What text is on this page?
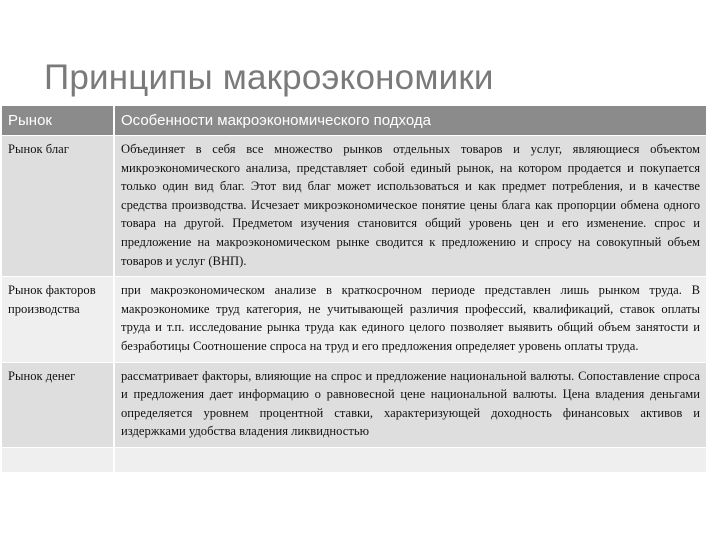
Принципы макроэкономики
Рынок	Особенности макроэкономического подхода
Рынок благ	Объединяет в себя все множество рынков отдельных товаров и услуг, являющиеся объектом микроэкономического анализа, представляет собой единый рынок, на котором продается и покупается только один вид благ. Этот вид благ может использоваться и как предмет потребления, и в качестве средства производства. Исчезает микроэкономическое понятие цены блага как пропорции обмена одного товара на другой. Предметом изучения становится общий уровень цен и его изменение. спрос и предложение на макроэкономическом рынке сводится к предложению и спросу на совокупный объем товаров и услуг (ВНП).
Рынок факторов производства	при макроэкономическом анализе в краткосрочном периоде представлен лишь рынком труда. В макроэкономике труд категория, не учитывающей различия профессий, квалификаций, ставок оплаты труда и т.п. исследование рынка труда как единого целого позволяет выявить общий объем занятости и безработицы Соотношение спроса на труд и его предложения определяет уровень оплаты труда.
Рынок денег	рассматривает факторы, влияющие на спрос и предложение национальной валюты. Сопоставление спроса и предложения дает информацию о равновесной цене национальной валюты. Цена владения деньгами определяется уровнем процентной ставки, характеризующей доходность финансовых активов и издержками удобства владения ликвидностью
